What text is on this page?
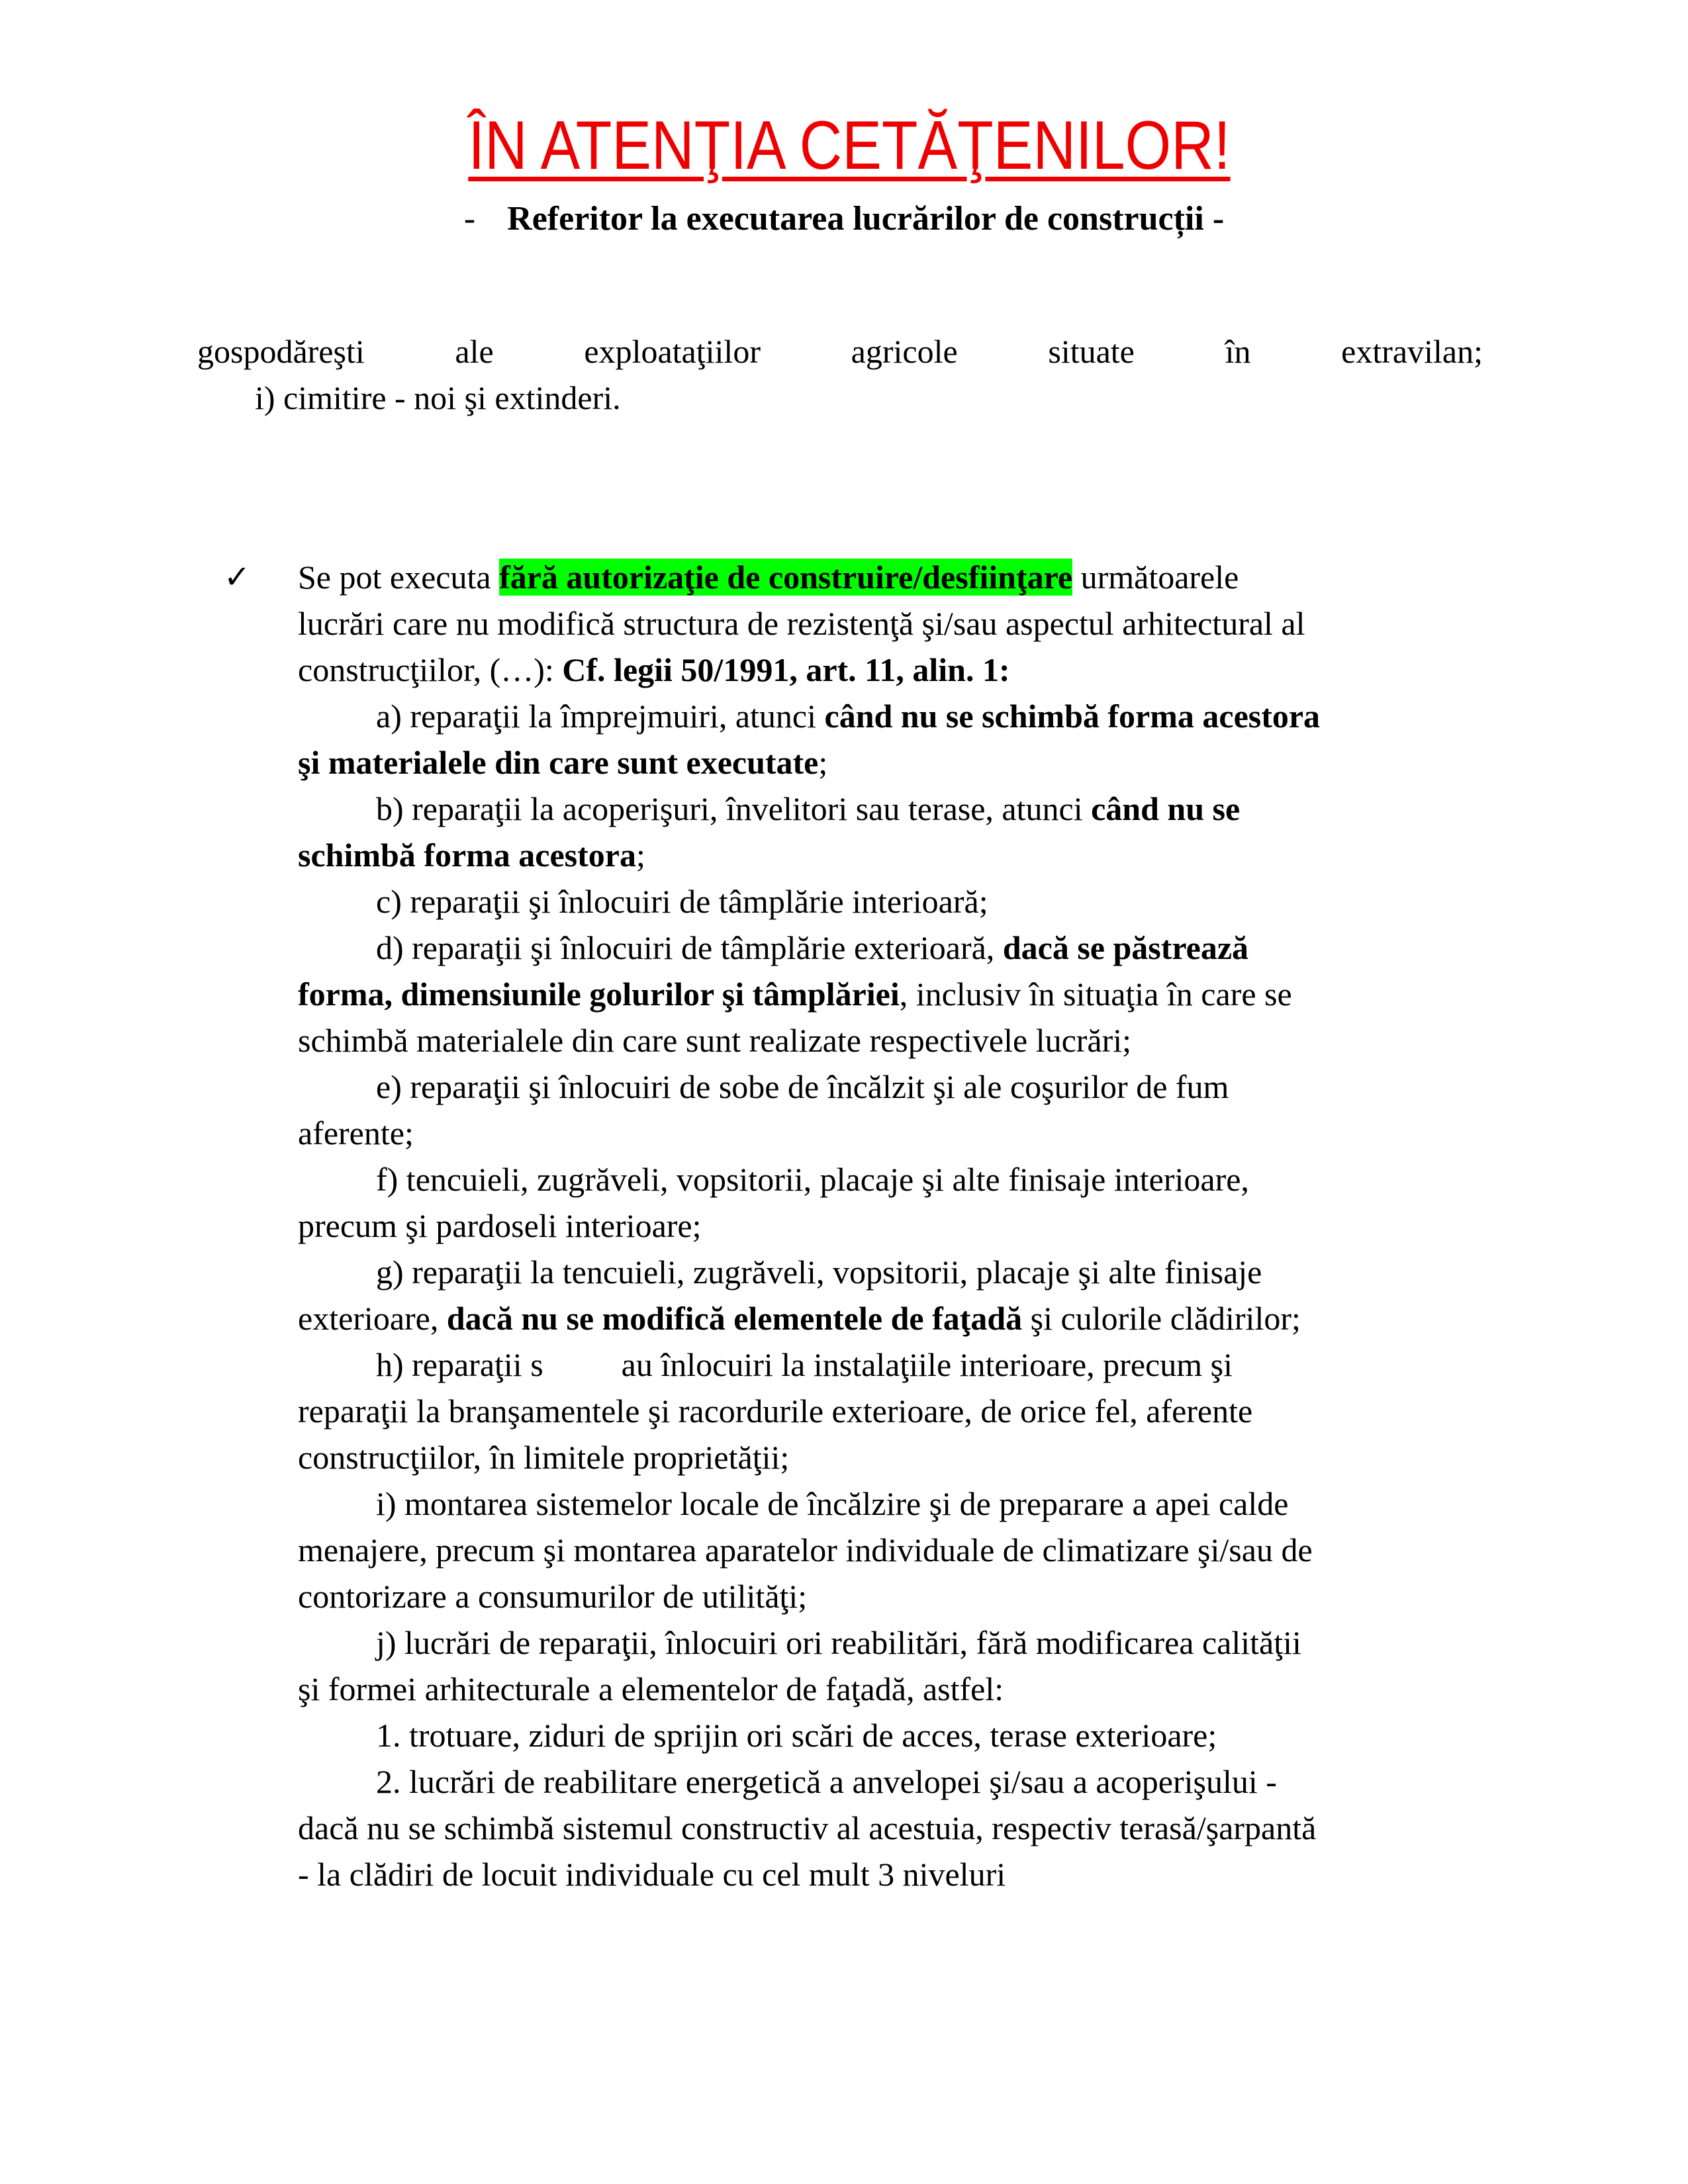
ÎN ATENŢIA CETĂŢENILOR!
- Referitor la executarea lucrărilor de construcții -
gospodăreşti	ale	exploataţiilor	agricole	situate	în	extravilan;
i) cimitire - noi şi extinderi.
✓ Se pot executa fără autorizaţie de construire/desfiinţare următoarele
lucrări care nu modifică structura de rezistenţă şi/sau aspectul arhitectural al
construcţiilor, (…): Cf. legii 50/1991, art. 11, alin. 1:
a) reparaţii la împrejmuiri, atunci când nu se schimbă forma acestora
şi materialele din care sunt executate;
b) reparaţii la acoperişuri, învelitori sau terase, atunci când nu se
schimbă forma acestora;
c) reparaţii şi înlocuiri de tâmplărie interioară;
d) reparaţii şi înlocuiri de tâmplărie exterioară, dacă se păstrează
forma, dimensiunile golurilor şi tâmplăriei, inclusiv în situaţia în care se
schimbă materialele din care sunt realizate respectivele lucrări;
e) reparaţii şi înlocuiri de sobe de încălzit şi ale coşurilor de fum
aferente;
f) tencuieli, zugrăveli, vopsitorii, placaje şi alte finisaje interioare,
precum şi pardoseli interioare;
g) reparaţii la tencuieli, zugrăveli, vopsitorii, placaje şi alte finisaje
exterioare, dacă nu se modifică elementele de faţadă şi culorile clădirilor;
h) reparaţii s au înlocuiri la instalaţiile interioare, precum şi
reparaţii la branşamentele şi racordurile exterioare, de orice fel, aferente
construcţiilor, în limitele proprietăţii;
i) montarea sistemelor locale de încălzire şi de preparare a apei calde
menajere, precum şi montarea aparatelor individuale de climatizare şi/sau de
contorizare a consumurilor de utilităţi;
j) lucrări de reparaţii, înlocuiri ori reabilitări, fără modificarea calităţii
şi formei arhitecturale a elementelor de faţadă, astfel:
1. trotuare, ziduri de sprijin ori scări de acces, terase exterioare;
2. lucrări de reabilitare energetică a anvelopei şi/sau a acoperişului -
dacă nu se schimbă sistemul constructiv al acestuia, respectiv terasă/şarpantă
- la clădiri de locuit individuale cu cel mult 3 niveluri
